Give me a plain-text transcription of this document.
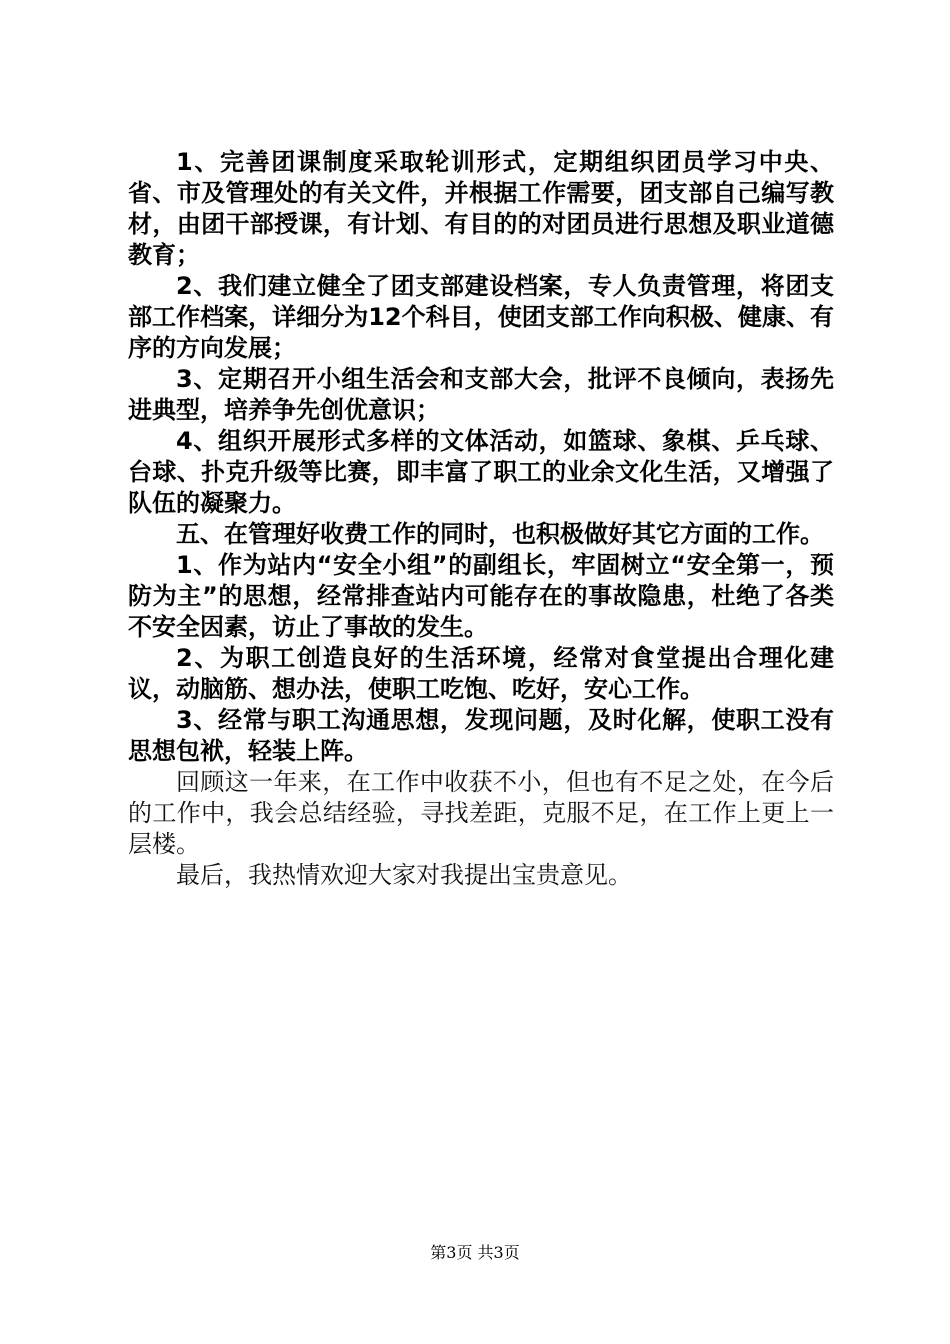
1、完善团课制度采取轮训形式，定期组织团员学习中央、省、市及管理处的有关文件，并根据工作需要，团支部自己编写教材，由团干部授课，有计划、有目的的对团员进行思想及职业道德教育；

2、我们建立健全了团支部建设档案，专人负责管理，将团支部工作档案，详细分为12个科目，使团支部工作向积极、健康、有序的方向发展；

3、定期召开小组生活会和支部大会，批评不良倾向，表扬先进典型，培养争先创优意识；

4、组织开展形式多样的文体活动，如篮球、象棋、乒乓球、台球、扑克升级等比赛，即丰富了职工的业余文化生活，又增强了队伍的凝聚力。

五、在管理好收费工作的同时，也积极做好其它方面的工作。

1、作为站内“安全小组”的副组长，牢固树立“安全第一，预防为主”的思想，经常排查站内可能存在的事故隐患，杜绝了各类不安全因素，访止了事故的发生。

2、为职工创造良好的生活环境，经常对食堂提出合理化建议，动脑筋、想办法，使职工吃饱、吃好，安心工作。

3、经常与职工沟通思想，发现问题，及时化解，使职工没有思想包袱，轻装上阵。

回顾这一年来，在工作中收获不小，但也有不足之处，在今后的工作中，我会总结经验，寻找差距，克服不足，在工作上更上一层楼。

最后，我热情欢迎大家对我提出宝贵意见。

第3页 共3页
